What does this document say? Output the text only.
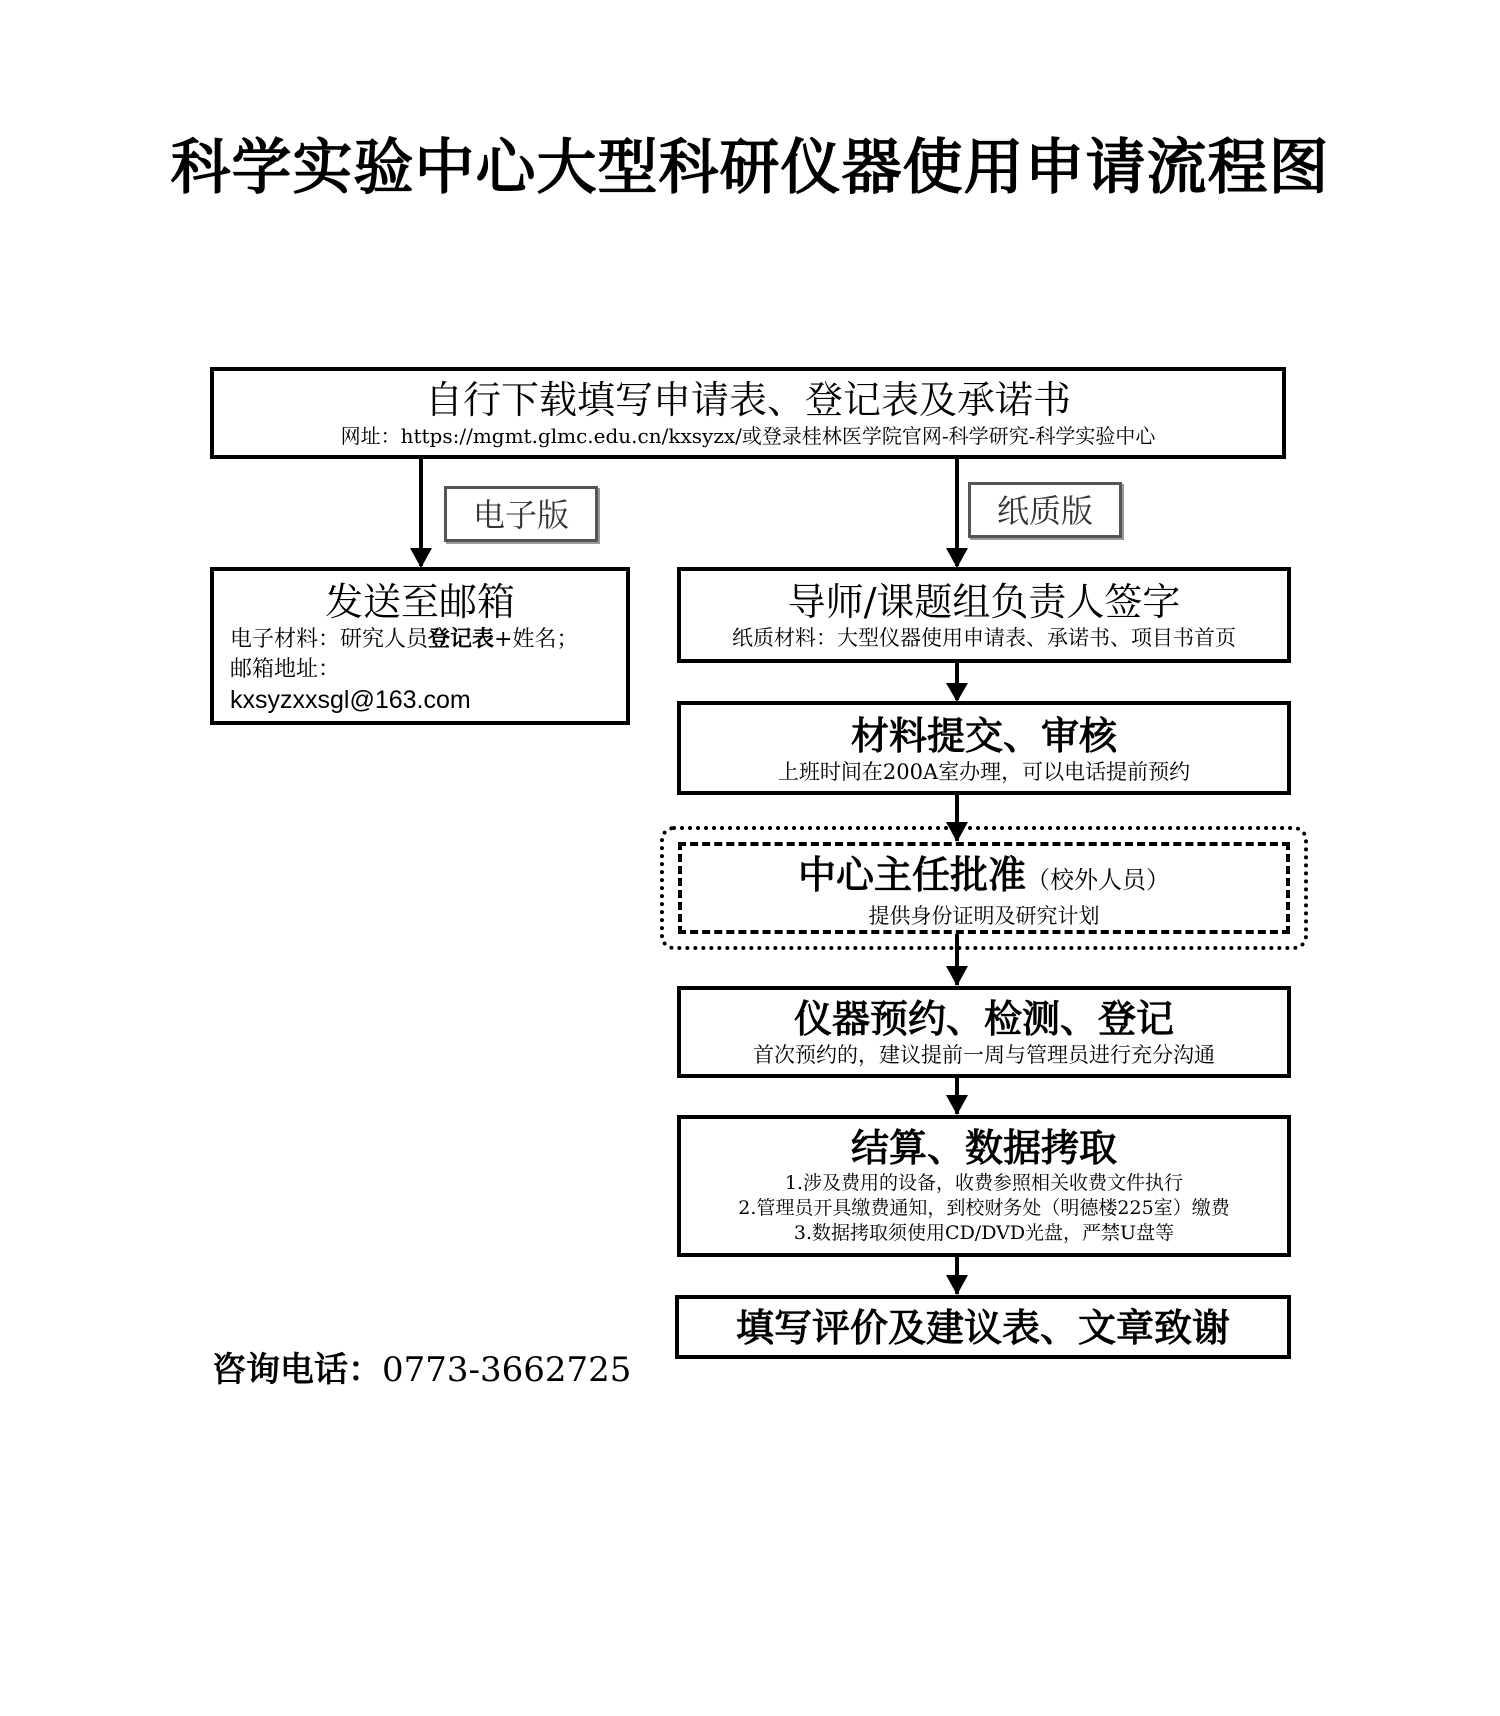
科学实验中心大型科研仪器使用申请流程图
自行下载填写申请表、登记表及承诺书
网址：https://mgmt.glmc.edu.cn/kxsyzx/或登录桂林医学院官网-科学研究-科学实验中心
电子版	纸质版
发送至邮箱
电子材料：研究人员登记表+姓名；
邮箱地址：
kxsyzxxsgl@163.com
导师/课题组负责人签字
纸质材料：大型仪器使用申请表、承诺书、项目书首页
材料提交、审核
上班时间在200A室办理，可以电话提前预约
中心主任批准（校外人员）
提供身份证明及研究计划
仪器预约、检测、登记
首次预约的，建议提前一周与管理员进行充分沟通
结算、数据拷取
1.涉及费用的设备，收费参照相关收费文件执行
2.管理员开具缴费通知，到校财务处（明德楼225室）缴费
3.数据拷取须使用CD/DVD光盘，严禁U盘等
填写评价及建议表、文章致谢
咨询电话：0773-3662725
